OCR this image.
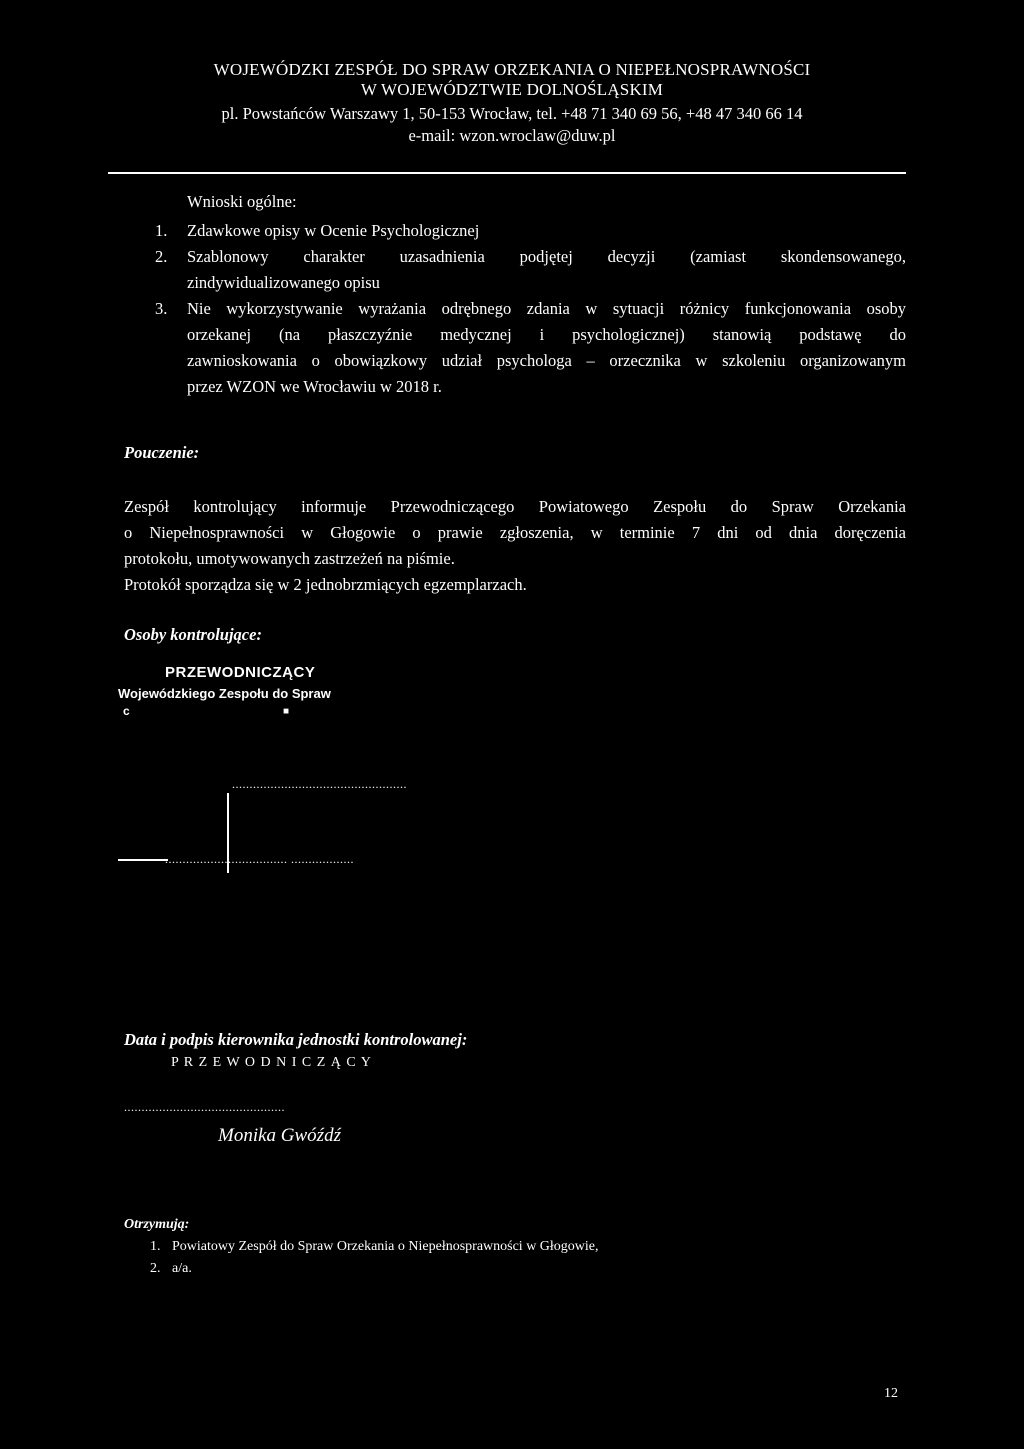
WOJEWÓDZKI ZESPÓŁ DO SPRAW ORZEKANIA O NIEPEŁNOSPRAWNOŚCI
W WOJEWÓDZTWIE DOLNOŚLĄSKIM
pl. Powstańców Warszawy 1, 50-153 Wrocław, tel. +48 71 340 69 56, +48 47 340 66 14
e-mail: wzon.wroclaw@duw.pl
Wnioski ogólne:
1. Zdawkowe opisy w Ocenie Psychologicznej
2. Szablonowy charakter uzasadnienia podjętej decyzji (zamiast skondensowanego,
zindywidualizowanego opisu
3. Nie wykorzystywanie wyrażania odrębnego zdania w sytuacji różnicy funkcjonowania osoby
orzekanej (na płaszczyźnie medycznej i psychologicznej) stanowią podstawę do
zawnioskowania o obowiązkowy udział psychologa – orzecznika w szkoleniu organizowanym
przez WZON we Wrocławiu w 2018 r.
Pouczenie:
Zespół kontrolujący informuje Przewodniczącego Powiatowego Zespołu do Spraw Orzekania
o Niepełnosprawności w Głogowie o prawie zgłoszenia, w terminie 7 dni od dnia doręczenia
protokołu, umotywowanych zastrzeżeń na piśmie.
Protokół sporządza się w 2 jednobrzmiących egzemplarzach.
Osoby kontrolujące:
PRZEWODNICZĄCY
Wojewódzkiego Zespołu do Spraw
ᴄ	■
..................................................
................................... ..................
Data i podpis kierownika jednostki kontrolowanej:
P R Z E W O D N I C Z Ą C Y
..............................................
Monika Gwóźdź
Otrzymują:
1. Powiatowy Zespół do Spraw Orzekania o Niepełnosprawności w Głogowie,
2. a/a.
12
